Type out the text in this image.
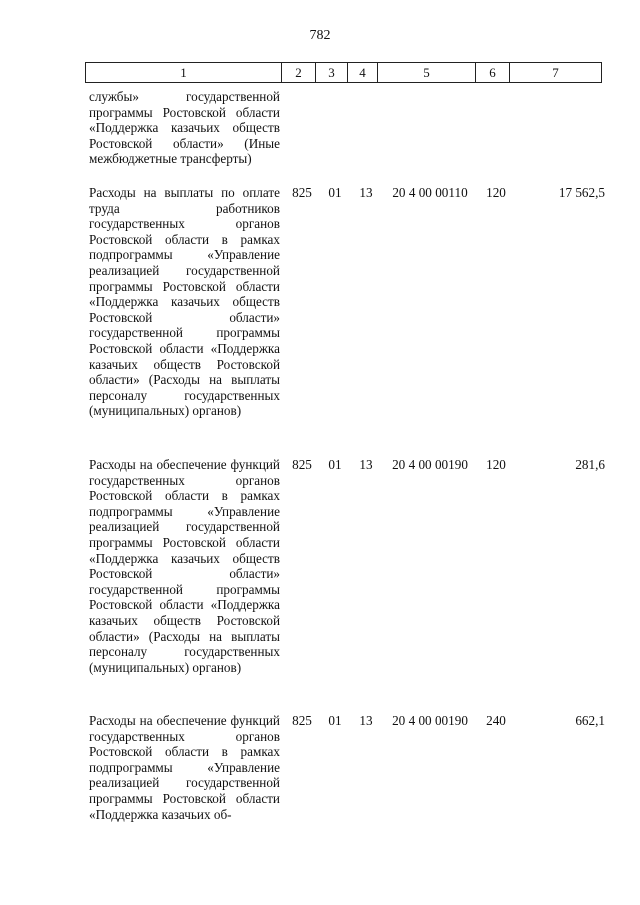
782
1	2	3	4	5	6	7
службы» государственной программы Ростовской области «Поддержка казачьих обществ Ростовской области» (Иные межбюджетные трансферты)
Расходы на выплаты по оплате труда работников государственных органов Ростовской области в рамках подпрограммы «Управление реализацией государственной программы Ростовской области «Поддержка казачьих обществ Ростовской области» государственной программы Ростовской области «Поддержка казачьих обществ Ростовской области» (Расходы на выплаты персоналу государственных (муниципальных) органов)
825	01	13	20 4 00 00110	120	17 562,5
Расходы на обеспечение функций государственных органов Ростовской области в рамках подпрограммы «Управление реализацией государственной программы Ростовской области «Поддержка казачьих обществ Ростовской области» государственной программы Ростовской области «Поддержка казачьих обществ Ростовской области» (Расходы на выплаты персоналу государственных (муниципальных) органов)
825	01	13	20 4 00 00190	120	281,6
Расходы на обеспечение функций государственных органов Ростовской области в рамках подпрограммы «Управление реализацией государственной программы Ростовской области «Поддержка казачьих об-
825	01	13	20 4 00 00190	240	662,1
